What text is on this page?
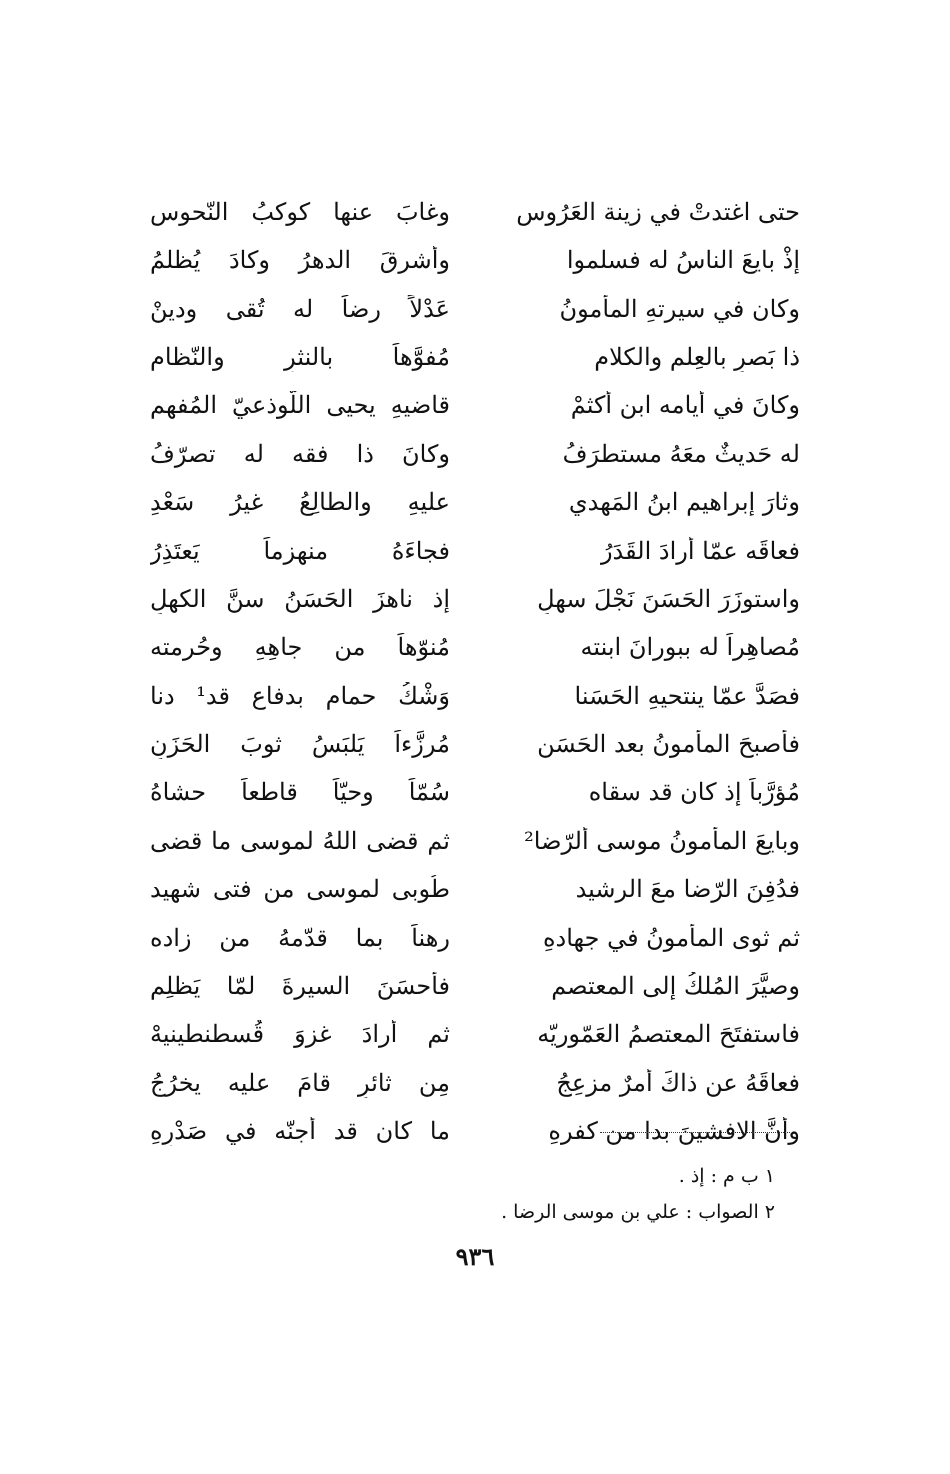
حتى اغتدتْ في زينة العَرُوسِ
وغابَ عنها كوكبُ النّحوسِ
إذْ بايعَ الناسُ له فسلموا
وأشرقَ الدهرُ وكادَ يُظلمُ
وكان في سيرتهِ المأمونُ
عَدْلاً رضاً له تُقى ودينْ
ذا بَصرٍ بالعِلمِ والكلامِ
مُفوَّهاً بالنثرِ والنّظامِ
وكانَ في أيامه ابن أكثمْ
قاضيهِ يحيى اللّوذعيّ المُفهم
له حَديثٌ معَهُ مستطرَفُ
وكانَ ذا فقه له تصرّفُ
وثارَ إبراهيم ابنُ المَهدي
عليهِ والطالِعُ غيرُ سَعْدِ
فعاقَه عمّا أرادَ القَدَرُ
فجاءَهُ منهزماً يَعتَذِرُ
واستوزَرَ الحَسَنَ نَجْلَ سهلِ
إذ ناهزَ الحَسَنُ سنَّ الكهلِ
مُصاهِراً له ببورانَ ابنته
مُنوّهاً من جاهِهِ وحُرمته
فصَدَّ عمّا ينتحيهِ الحَسَنا
وَشْكُ حمامٍ بدفاعٍ قد¹ دنا
فأصبحَ المأمونُ بعد الحَسَنِ
مُرزَّءاً يَلبَسُ ثوبَ الحَزَنِ
مُؤرَّباً إذ كان قد سقاه
سُمّاً وحيّاً قاطعاً حشاهُ
وبايعَ المأمونُ موسى ألرّضا²
ثم قضى اللهُ لموسى ما قضى
فدُفِنَ الرّضا معَ الرشيد
طُوبى لموسى من فتى شهيد
ثم ثوى المأمونُ في جهادهِ
رهناً بما قدّمهُ من زاده
وصيَّرَ المُلكُ إلى المعتصمِ
فأحسَنَ السيرةَ لمّا يَظلِمِ
فاستفتَحَ المعتصمُ العَمّوريّه
ثم أرادَ غزوَ قُسطنطينيهْ
فعاقَهُ عن ذاكَ أمرٌ مزعِجُ
مِن ثائرٍ قامَ عليه يخرُجُ
وأنَّ الافشينَ بدا من كفرهِ
ما كان قد أجنّه في صَدْرِهِ
١ ب م : إذ .
٢ الصواب : علي بن موسى الرضا .
٩٣٦
